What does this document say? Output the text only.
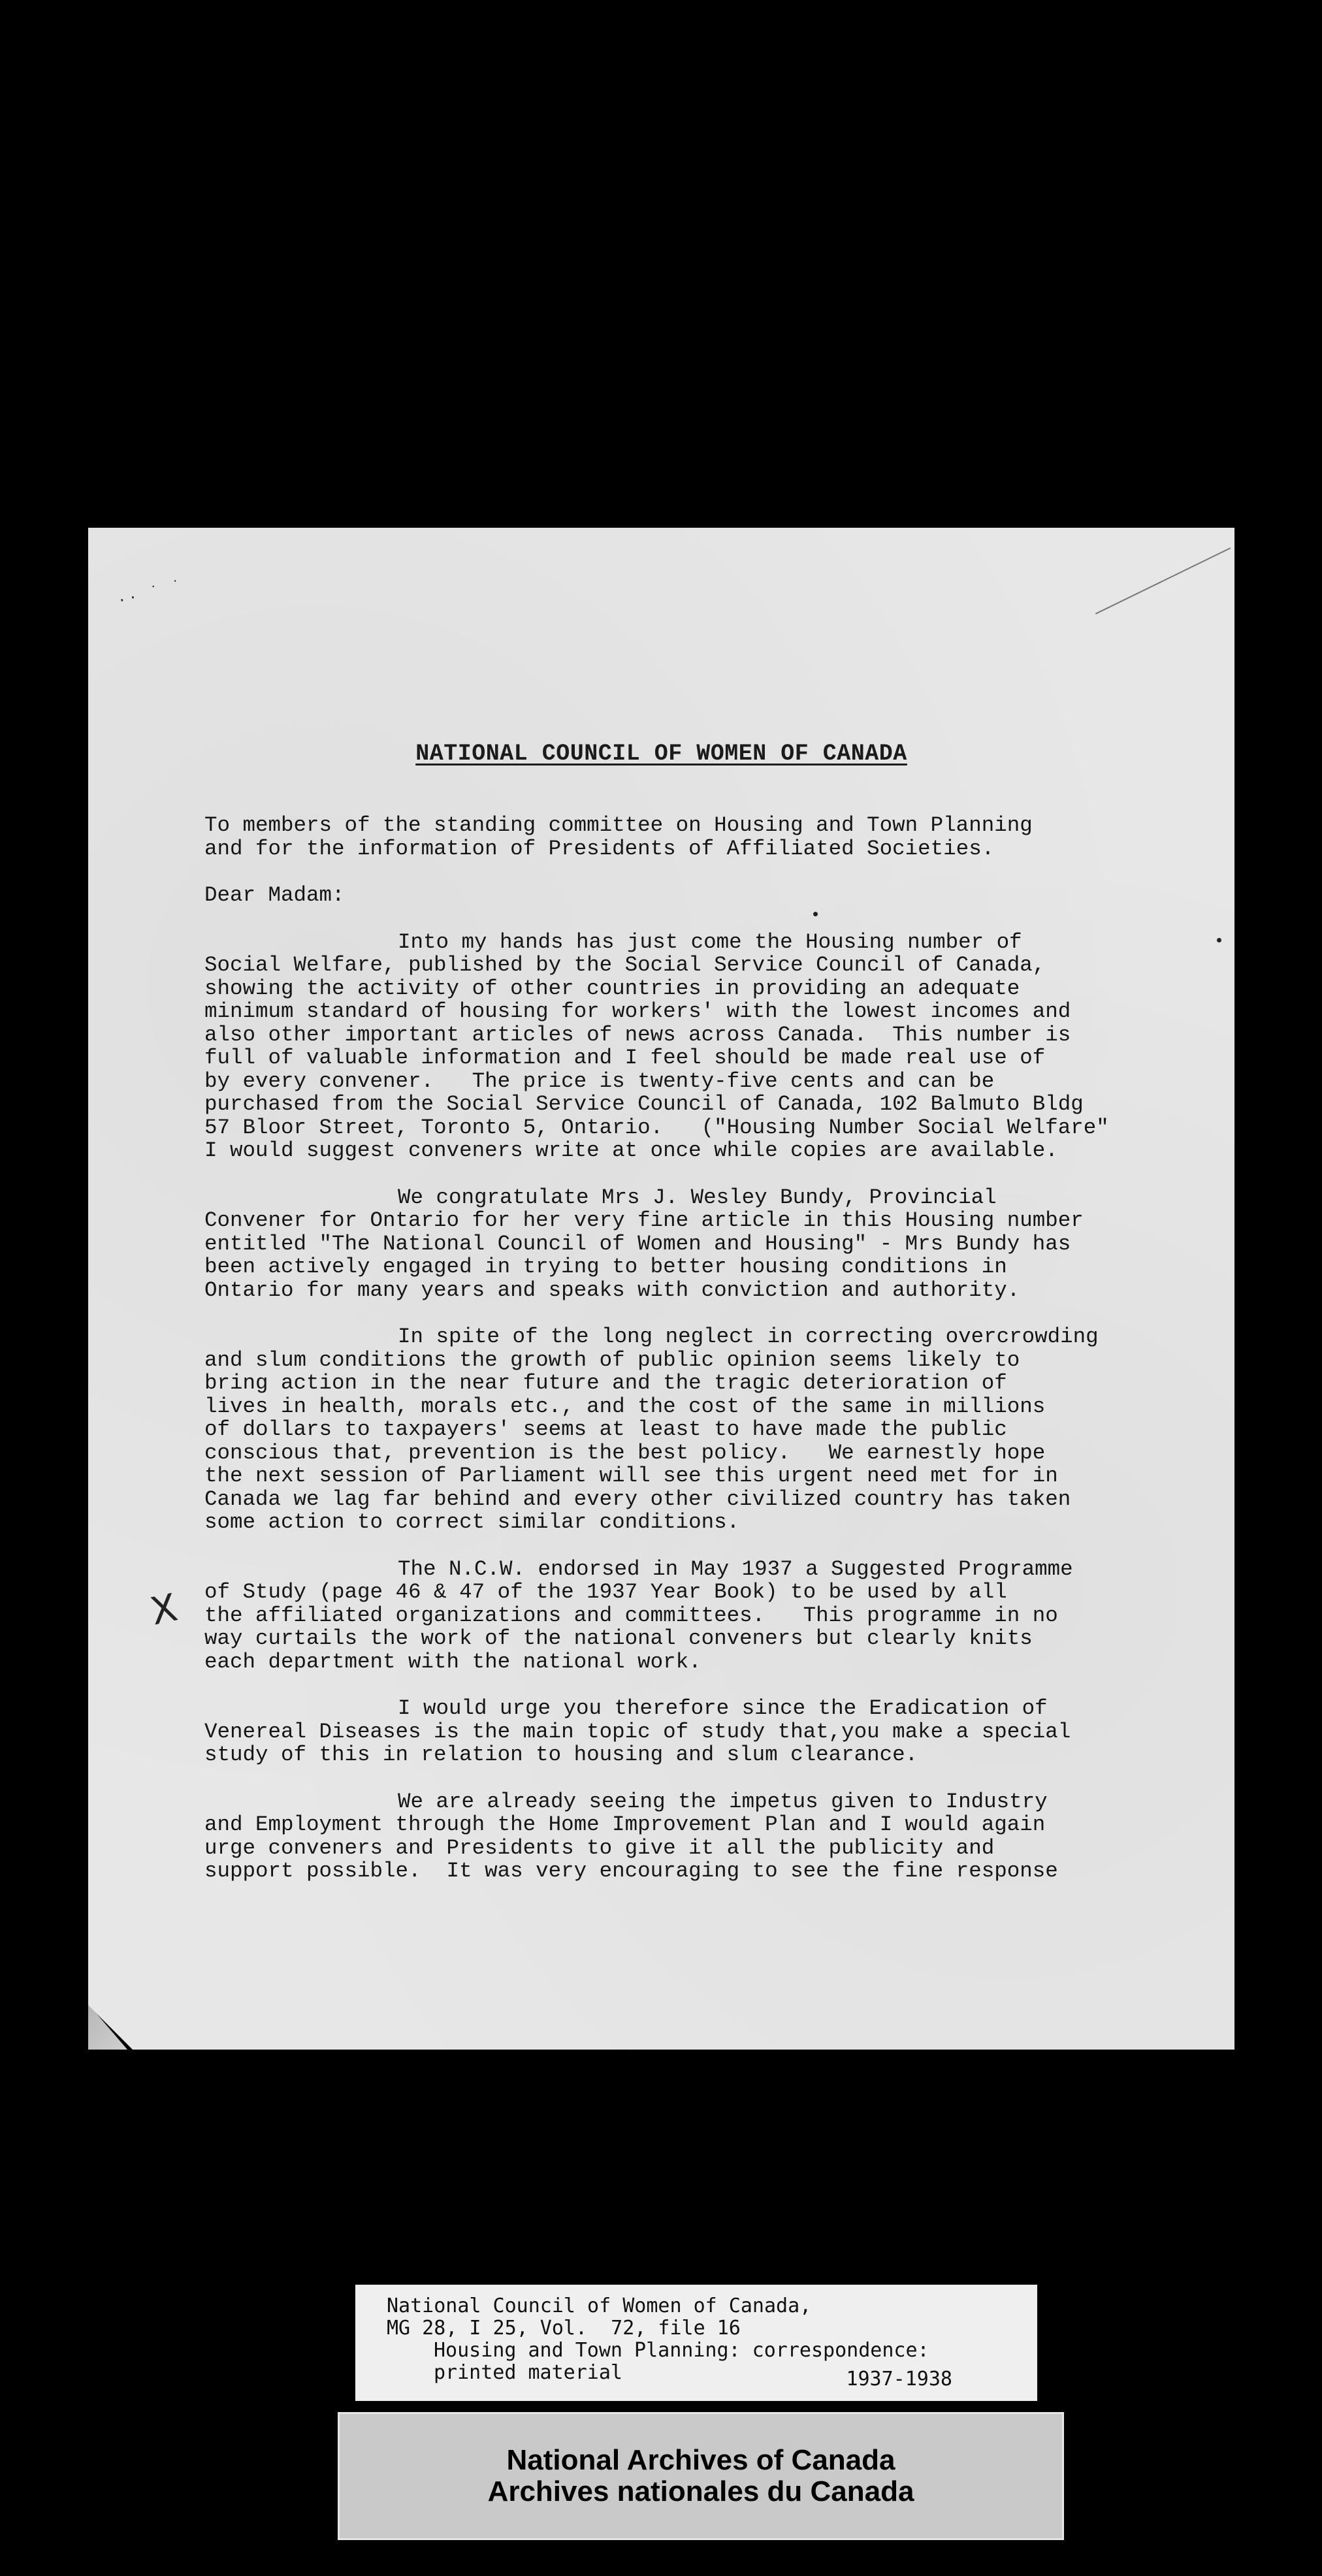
·· ˙ ˙
NATIONAL COUNCIL OF WOMEN OF CANADA
X

To members of the standing committee on Housing and Town Planning
and for the information of Presidents of Affiliated Societies.

Dear Madam:

Into my hands has just come the Housing number of
Social Welfare, published by the Social Service Council of Canada,
showing the activity of other countries in providing an adequate
minimum standard of housing for workers' with the lowest incomes and
also other important articles of news across Canada.  This number is
full of valuable information and I feel should be made real use of
by every convener.   The price is twenty-five cents and can be
purchased from the Social Service Council of Canada, 102 Balmuto Bldg
57 Bloor Street, Toronto 5, Ontario.   ("Housing Number Social Welfare"
I would suggest conveners write at once while copies are available.

We congratulate Mrs J. Wesley Bundy, Provincial
Convener for Ontario for her very fine article in this Housing number
entitled "The National Council of Women and Housing" - Mrs Bundy has
been actively engaged in trying to better housing conditions in
Ontario for many years and speaks with conviction and authority.

In spite of the long neglect in correcting overcrowding
and slum conditions the growth of public opinion seems likely to
bring action in the near future and the tragic deterioration of
lives in health, morals etc., and the cost of the same in millions
of dollars to taxpayers' seems at least to have made the public
conscious that, prevention is the best policy.   We earnestly hope
the next session of Parliament will see this urgent need met for in
Canada we lag far behind and every other civilized country has taken
some action to correct similar conditions.

The N.C.W. endorsed in May 1937 a Suggested Programme
of Study (page 46 & 47 of the 1937 Year Book) to be used by all
the affiliated organizations and committees.   This programme in no
way curtails the work of the national conveners but clearly knits
each department with the national work.

I would urge you therefore since the Eradication of
Venereal Diseases is the main topic of study that,you make a special
study of this in relation to housing and slum clearance.

We are already seeing the impetus given to Industry
and Employment through the Home Improvement Plan and I would again
urge conveners and Presidents to give it all the publicity and
support possible.  It was very encouraging to see the fine response

National Council of Women of Canada,
MG 28, I 25, Vol.  72, file 16
Housing and Town Planning: correspondence:
printed material	1937-1938
National Archives of Canada
Archives nationales du Canada
